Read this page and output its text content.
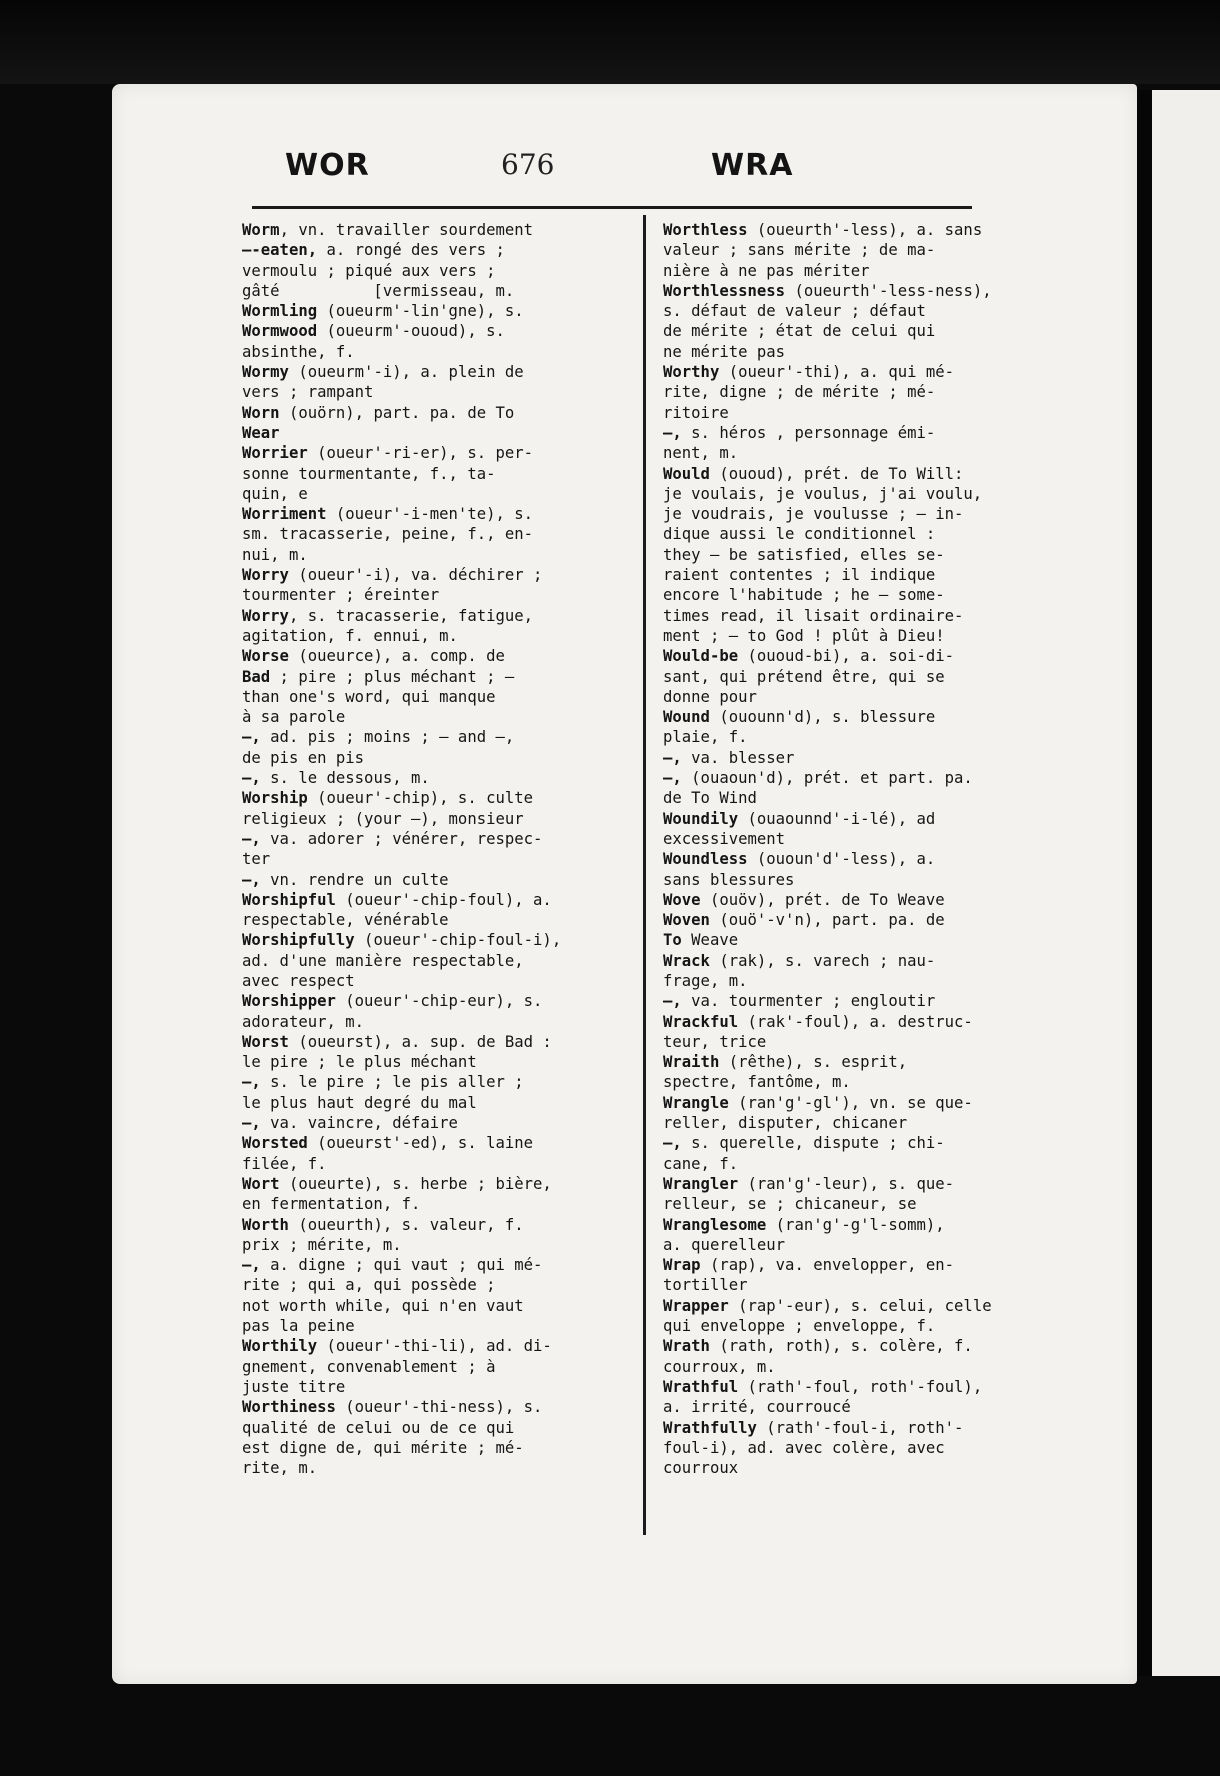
WOR	676	WRA
Worm, vn. travailler sourdement
—-eaten, a. rongé des vers ;
vermoulu ; piqué aux vers ;
gâté          [vermisseau, m.
Wormling (oueurm'-lin'gne), s.
Wormwood (oueurm'-ououd), s.
absinthe, f.
Wormy (oueurm'-i), a. plein de
vers ; rampant
Worn (ouörn), part. pa. de To
Wear
Worrier (oueur'-ri-er), s. per-
sonne tourmentante, f., ta-
quin, e
Worriment (oueur'-i-men'te), s.
sm. tracasserie, peine, f., en-
nui, m.
Worry (oueur'-i), va. déchirer ;
tourmenter ; éreinter
Worry, s. tracasserie, fatigue,
agitation, f. ennui, m.
Worse (oueurce), a. comp. de
Bad ; pire ; plus méchant ; —
than one's word, qui manque
à sa parole
—, ad. pis ; moins ; — and —,
de pis en pis
—, s. le dessous, m.
Worship (oueur'-chip), s. culte
religieux ; (your —), monsieur
—, va. adorer ; vénérer, respec-
ter
—, vn. rendre un culte
Worshipful (oueur'-chip-foul), a.
respectable, vénérable
Worshipfully (oueur'-chip-foul-i),
ad. d'une manière respectable,
avec respect
Worshipper (oueur'-chip-eur), s.
adorateur, m.
Worst (oueurst), a. sup. de Bad :
le pire ; le plus méchant
—, s. le pire ; le pis aller ;
le plus haut degré du mal
—, va. vaincre, défaire
Worsted (oueurst'-ed), s. laine
filée, f.
Wort (oueurte), s. herbe ; bière,
en fermentation, f.
Worth (oueurth), s. valeur, f.
prix ; mérite, m.
—, a. digne ; qui vaut ; qui mé-
rite ; qui a, qui possède ;
not worth while, qui n'en vaut
pas la peine
Worthily (oueur'-thi-li), ad. di-
gnement, convenablement ; à
juste titre
Worthiness (oueur'-thi-ness), s.
qualité de celui ou de ce qui
est digne de, qui mérite ; mé-
rite, m.
Worthless (oueurth'-less), a. sans
valeur ; sans mérite ; de ma-
nière à ne pas mériter
Worthlessness (oueurth'-less-ness),
s. défaut de valeur ; défaut
de mérite ; état de celui qui
ne mérite pas
Worthy (oueur'-thi), a. qui mé-
rite, digne ; de mérite ; mé-
ritoire
—, s. héros , personnage émi-
nent, m.
Would (ououd), prét. de To Will:
je voulais, je voulus, j'ai voulu,
je voudrais, je voulusse ; — in-
dique aussi le conditionnel :
they — be satisfied, elles se-
raient contentes ; il indique
encore l'habitude ; he — some-
times read, il lisait ordinaire-
ment ; — to God ! plût à Dieu!
Would-be (ououd-bi), a. soi-di-
sant, qui prétend être, qui se
donne pour
Wound (ouounn'd), s. blessure
plaie, f.
—, va. blesser
—, (ouaoun'd), prét. et part. pa.
de To Wind
Woundily (ouaounnd'-i-lé), ad
excessivement
Woundless (ououn'd'-less), a.
sans blessures
Wove (ouöv), prét. de To Weave
Woven (ouö'-v'n), part. pa. de
To Weave
Wrack (rak), s. varech ; nau-
frage, m.
—, va. tourmenter ; engloutir
Wrackful (rak'-foul), a. destruc-
teur, trice
Wraith (rêthe), s. esprit,
spectre, fantôme, m.
Wrangle (ran'g'-gl'), vn. se que-
reller, disputer, chicaner
—, s. querelle, dispute ; chi-
cane, f.
Wrangler (ran'g'-leur), s. que-
relleur, se ; chicaneur, se
Wranglesome (ran'g'-g'l-somm),
a. querelleur
Wrap (rap), va. envelopper, en-
tortiller
Wrapper (rap'-eur), s. celui, celle
qui enveloppe ; enveloppe, f.
Wrath (rath, roth), s. colère, f.
courroux, m.
Wrathful (rath'-foul, roth'-foul),
a. irrité, courroucé
Wrathfully (rath'-foul-i, roth'-
foul-i), ad. avec colère, avec
courroux
